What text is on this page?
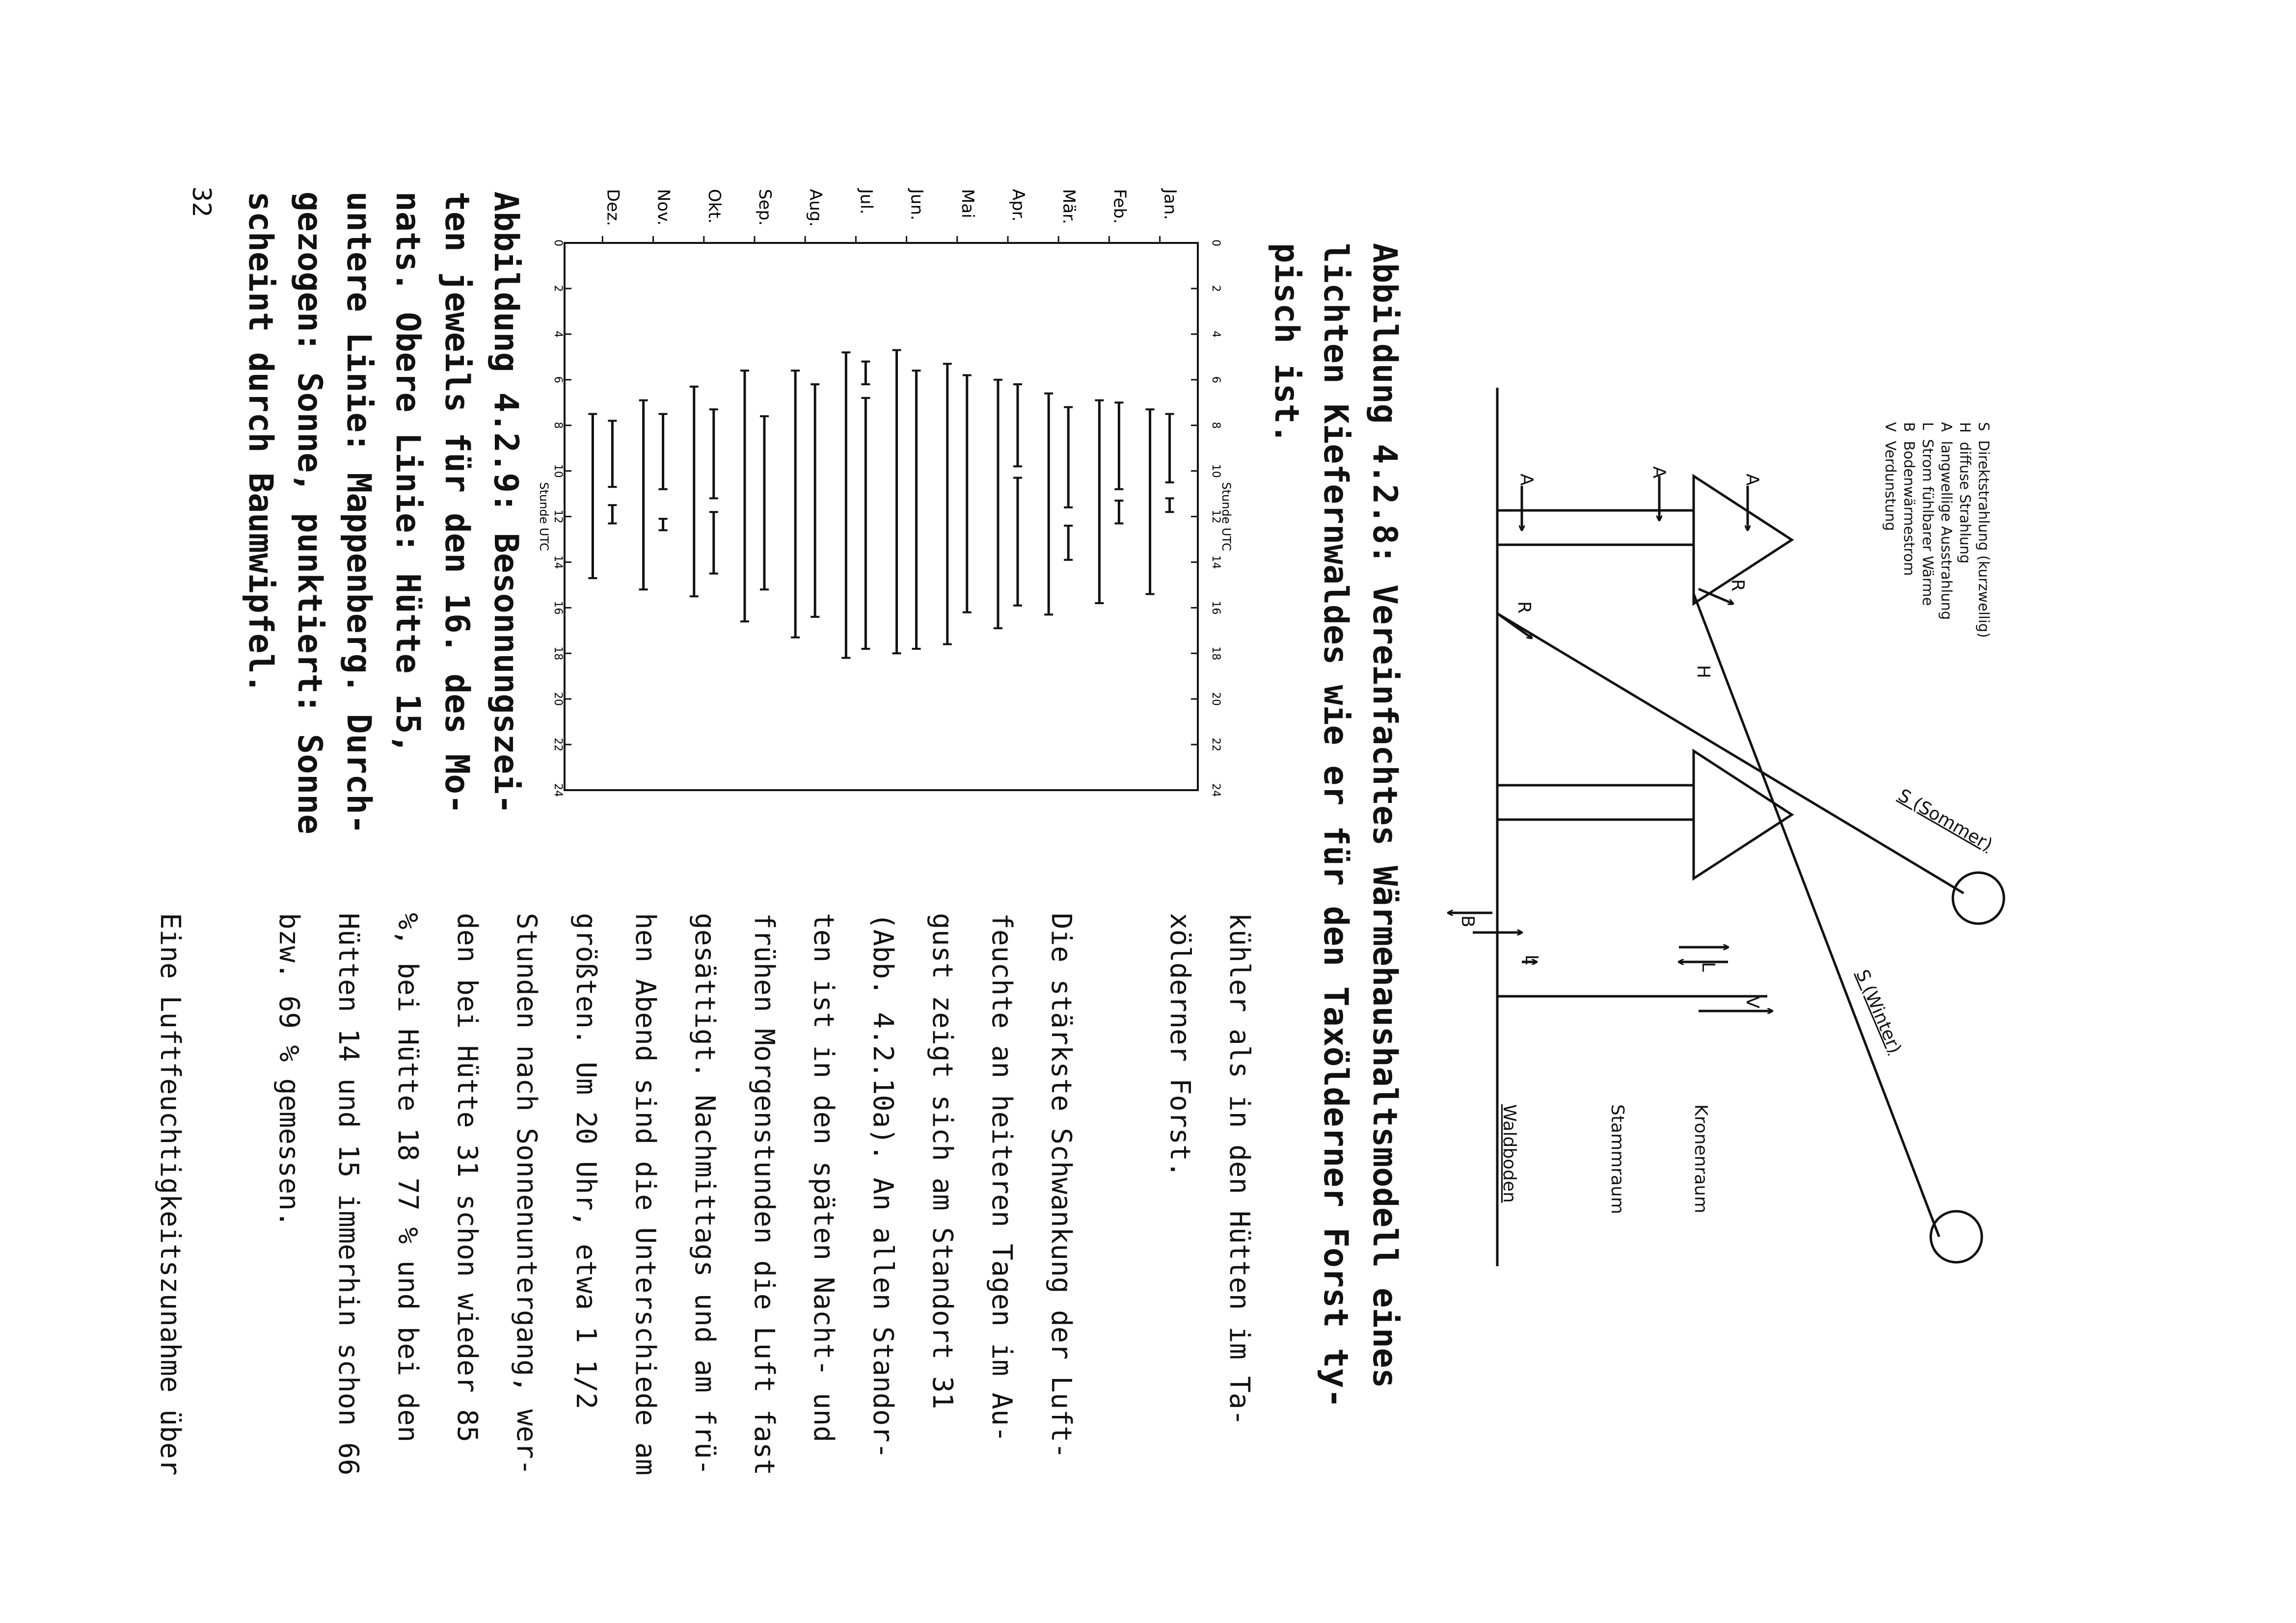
S  Direktstrahlung (kurzwellig)
H  diffuse Strahlung
A  langwellige Ausstrahlung
L  Strom fühlbarer Wärme
B  Bodenwärmestrom
V  Verdunstung
Kronenraum
Stammraum
Waldboden
A
A
A
R
R
H
L
L
V
B
S (Sommer)
S (Winter)
Abbildung 4.2.8: Vereinfachtes Wärmehaushaltsmodell eines
lichten Kiefernwaldes wie er für den Taxölderner Forst ty-
pisch ist.
0
0
2
2
4
4
6
6
8
8
10
10
12
12
14
14
16
16
18
18
20
20
22
22
24
24
Stunde UTC
Stunde UTC
Jan.
Feb.
Mär.
Apr.
Mai
Jun.
Jul.
Aug.
Sep.
Okt.
Nov.
Dez.
Abbildung 4.2.9: Besonnungszei-
ten jeweils für den 16. des Mo-
nats. Obere Linie: Hütte 15,
untere Linie: Mappenberg. Durch-
gezogen: Sonne, punktiert: Sonne
scheint durch Baumwipfel.
kühler als in den Hütten im Ta-
xölderner Forst.

Die stärkste Schwankung der Luft-
feuchte an heiteren Tagen im Au-
gust zeigt sich am Standort 31
(Abb. 4.2.10a). An allen Standor-
ten ist in den späten Nacht- und
frühen Morgenstunden die Luft fast
gesättigt. Nachmittags und am frü-
hen Abend sind die Unterschiede am
größten. Um 20 Uhr, etwa 1 1/2
Stunden nach Sonnenuntergang, wer-
den bei Hütte 31 schon wieder 85
%, bei Hütte 18 77 % und bei den
Hütten 14 und 15 immerhin schon 66
bzw. 69 % gemessen.

Eine Luftfeuchtigkeitszunahme über
32
